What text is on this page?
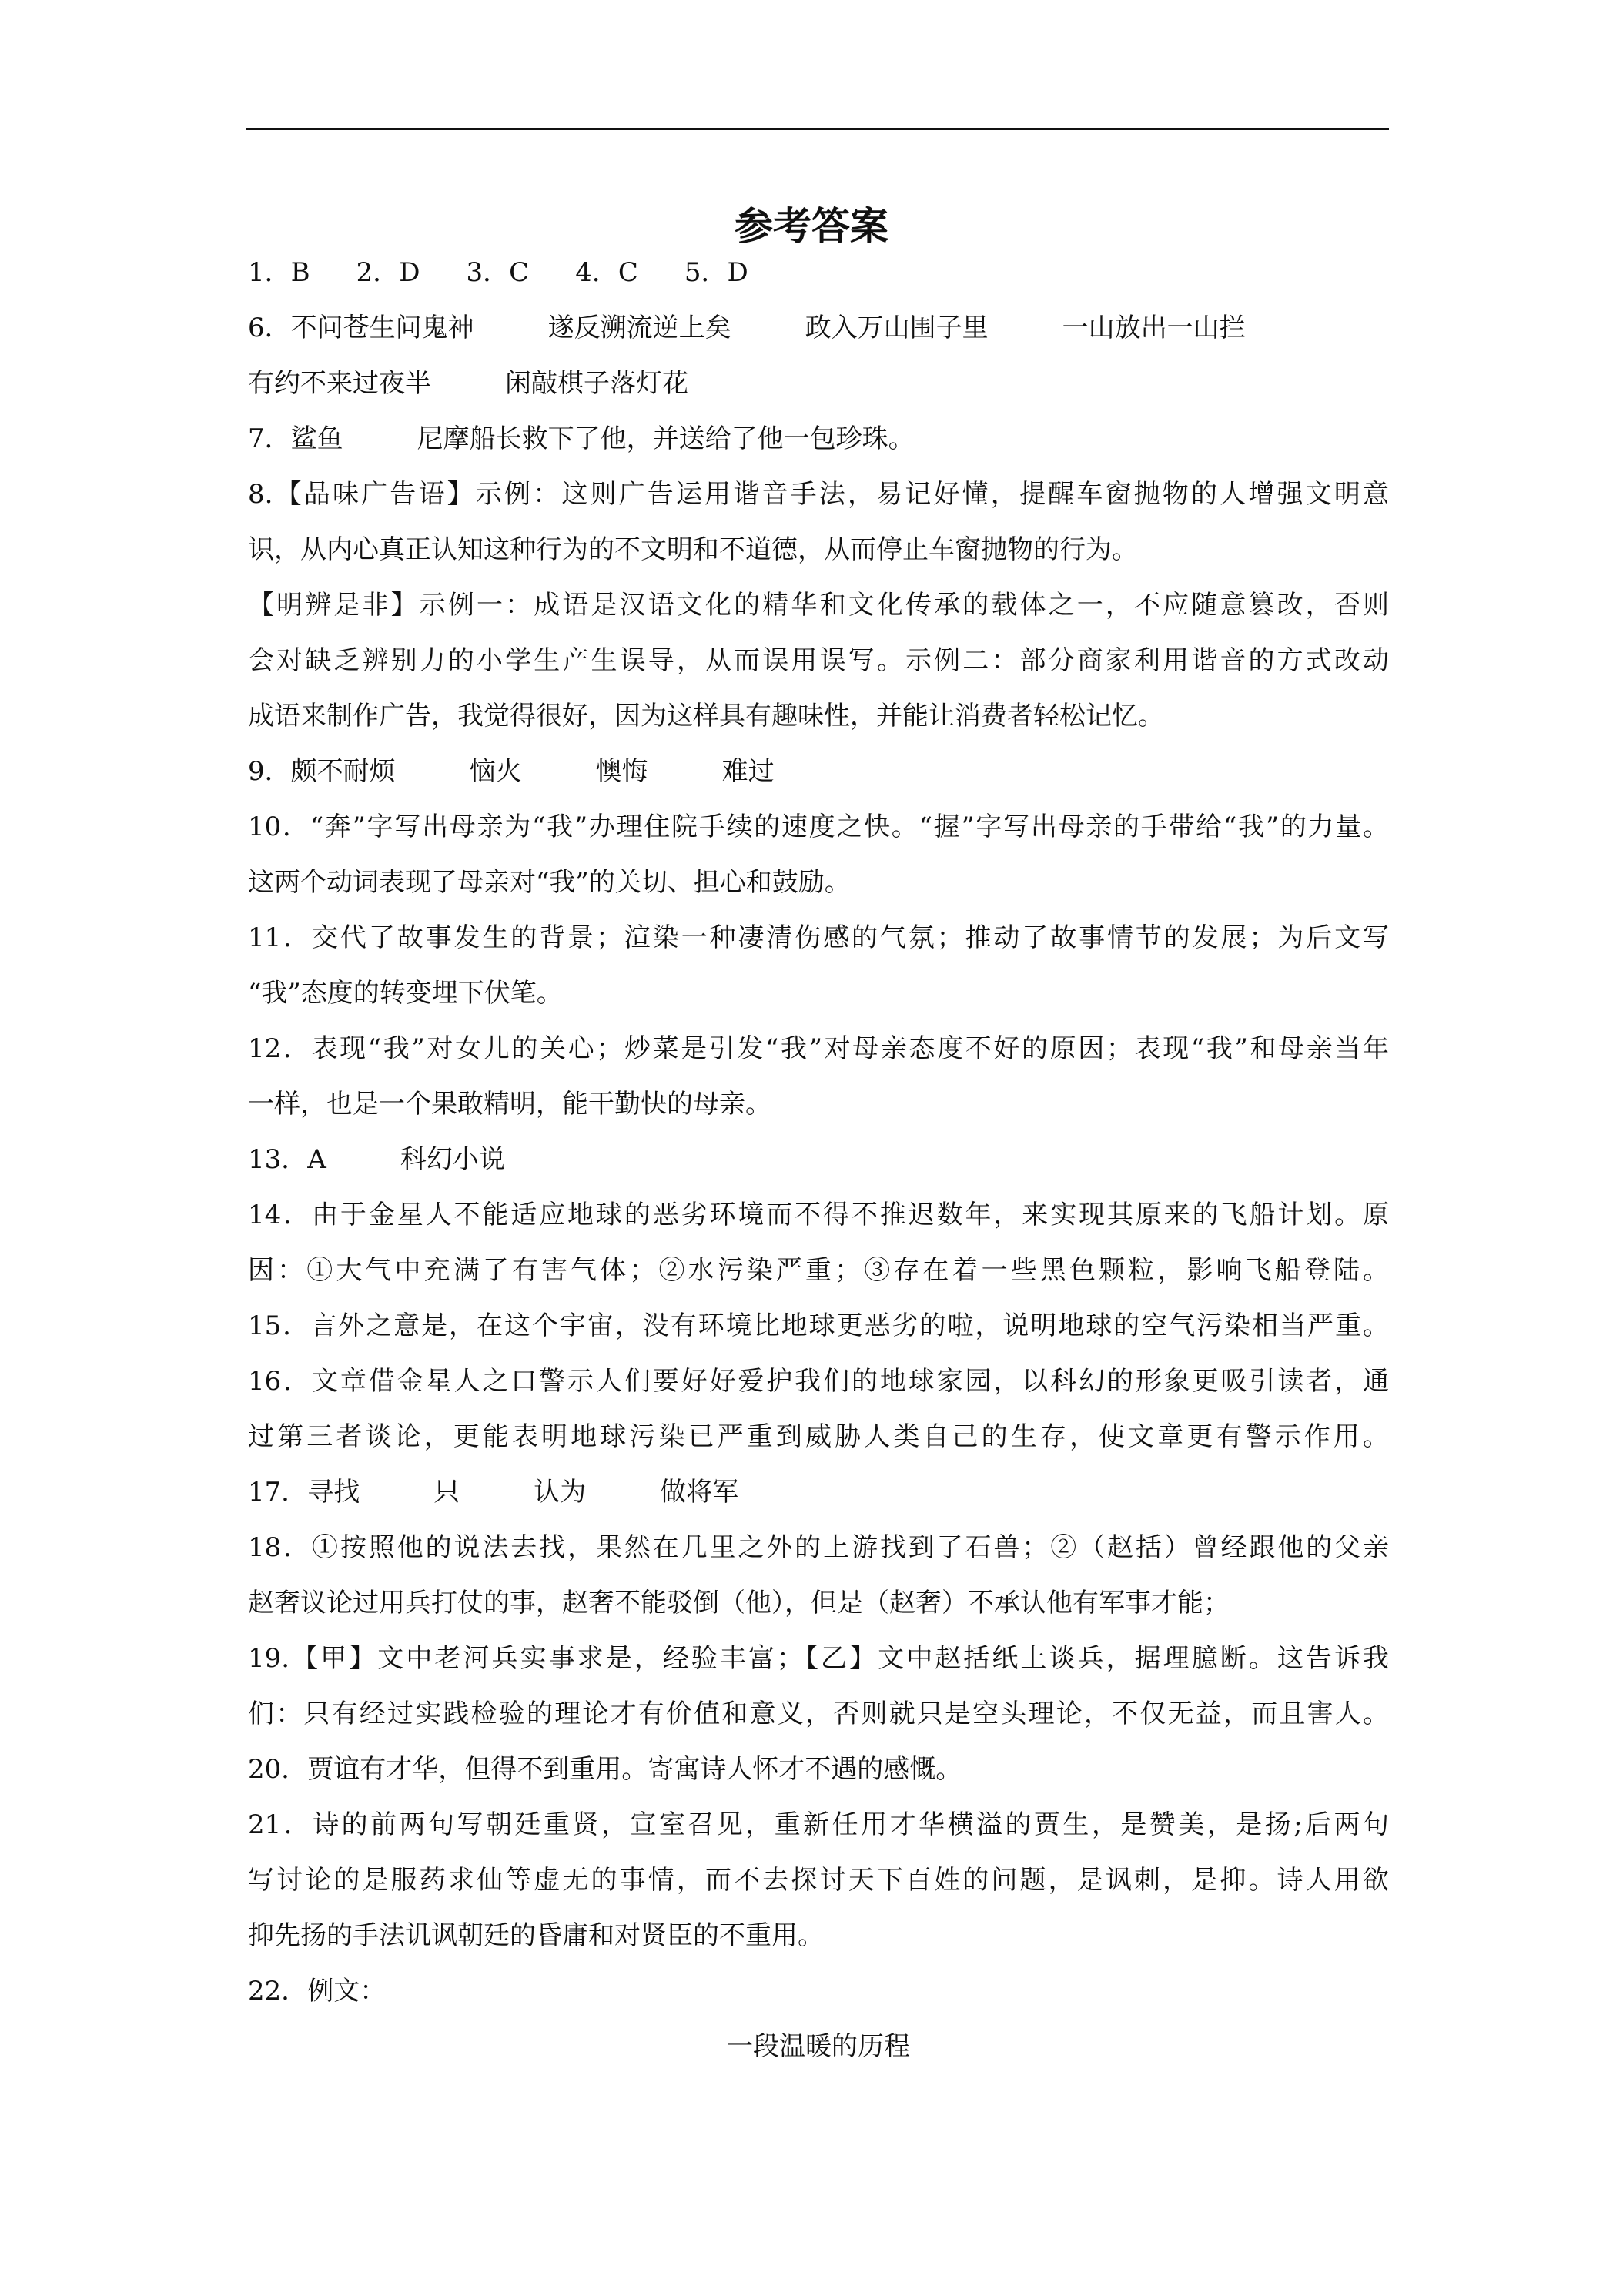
参考答案
1．B 2．D 3．C 4．C 5．D
6．不问苍生问鬼神	遂反溯流逆上矣	政入万山围子里	一山放出一山拦
有约不来过夜半	闲敲棋子落灯花
7．鲨鱼	尼摩船长救下了他，并送给了他一包珍珠。
8.【品味广告语】示例：这则广告运用谐音手法，易记好懂，提醒车窗抛物的人增强文明意
识，从内心真正认知这种行为的不文明和不道德，从而停止车窗抛物的行为。
【明辨是非】示例一：成语是汉语文化的精华和文化传承的载体之一，不应随意篡改，否则
会对缺乏辨别力的小学生产生误导，从而误用误写。示例二：部分商家利用谐音的方式改动
成语来制作广告，我觉得很好，因为这样具有趣味性，并能让消费者轻松记忆。
9．颇不耐烦	恼火	懊悔	难过
10．“奔”字写出母亲为“我”办理住院手续的速度之快。“握”字写出母亲的手带给“我”的力量。
这两个动词表现了母亲对“我”的关切、担心和鼓励。
11．交代了故事发生的背景；渲染一种凄清伤感的气氛；推动了故事情节的发展；为后文写
“我”态度的转变埋下伏笔。
12．表现“我”对女儿的关心；炒菜是引发“我”对母亲态度不好的原因；表现“我”和母亲当年
一样，也是一个果敢精明，能干勤快的母亲。
13．A	科幻小说
14．由于金星人不能适应地球的恶劣环境而不得不推迟数年，来实现其原来的飞船计划。原
因：①大气中充满了有害气体；②水污染严重；③存在着一些黑色颗粒，影响飞船登陆。
15．言外之意是，在这个宇宙，没有环境比地球更恶劣的啦，说明地球的空气污染相当严重。
16．文章借金星人之口警示人们要好好爱护我们的地球家园，以科幻的形象更吸引读者，通
过第三者谈论，更能表明地球污染已严重到威胁人类自己的生存，使文章更有警示作用。
17．寻找	只	认为	做将军
18．①按照他的说法去找，果然在几里之外的上游找到了石兽；②（赵括）曾经跟他的父亲
赵奢议论过用兵打仗的事，赵奢不能驳倒（他），但是（赵奢）不承认他有军事才能；
19.【甲】文中老河兵实事求是，经验丰富；【乙】文中赵括纸上谈兵，据理臆断。这告诉我
们：只有经过实践检验的理论才有价值和意义，否则就只是空头理论，不仅无益，而且害人。
20．贾谊有才华，但得不到重用。寄寓诗人怀才不遇的感慨。
21．诗的前两句写朝廷重贤，宣室召见，重新任用才华横溢的贾生，是赞美，是扬;后两句
写讨论的是服药求仙等虚无的事情，而不去探讨天下百姓的问题，是讽刺，是抑。诗人用欲
抑先扬的手法讥讽朝廷的昏庸和对贤臣的不重用。
22．例文：
一段温暖的历程
